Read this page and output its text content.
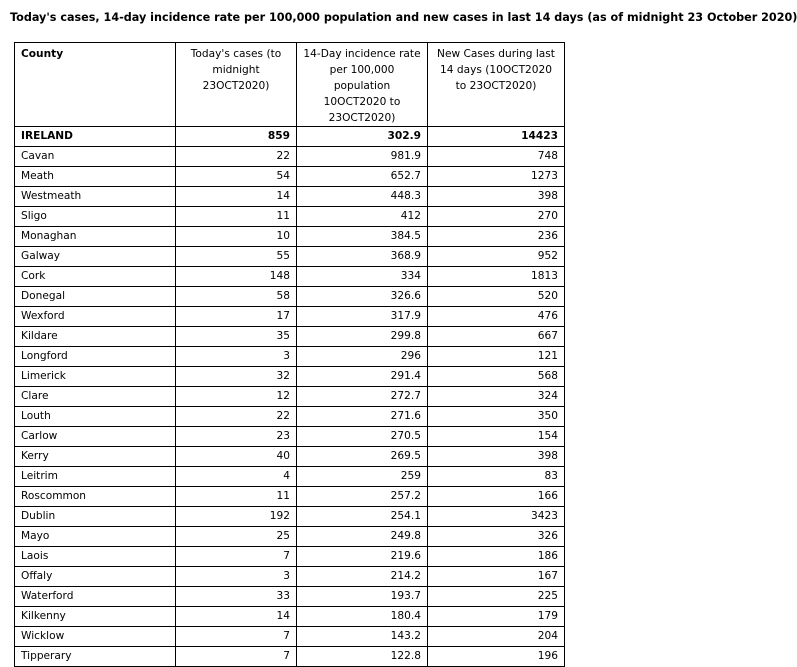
Today's cases, 14-day incidence rate per 100,000 population and new cases in last 14 days (as of midnight 23 October 2020)
County	Today's cases (to midnight 23OCT2020)	14-Day incidence rate per 100,000 population 10OCT2020 to 23OCT2020)	New Cases during last 14 days (10OCT2020 to 23OCT2020)
IRELAND	859	302.9	14423
Cavan	22	981.9	748
Meath	54	652.7	1273
Westmeath	14	448.3	398
Sligo	11	412	270
Monaghan	10	384.5	236
Galway	55	368.9	952
Cork	148	334	1813
Donegal	58	326.6	520
Wexford	17	317.9	476
Kildare	35	299.8	667
Longford	3	296	121
Limerick	32	291.4	568
Clare	12	272.7	324
Louth	22	271.6	350
Carlow	23	270.5	154
Kerry	40	269.5	398
Leitrim	4	259	83
Roscommon	11	257.2	166
Dublin	192	254.1	3423
Mayo	25	249.8	326
Laois	7	219.6	186
Offaly	3	214.2	167
Waterford	33	193.7	225
Kilkenny	14	180.4	179
Wicklow	7	143.2	204
Tipperary	7	122.8	196
